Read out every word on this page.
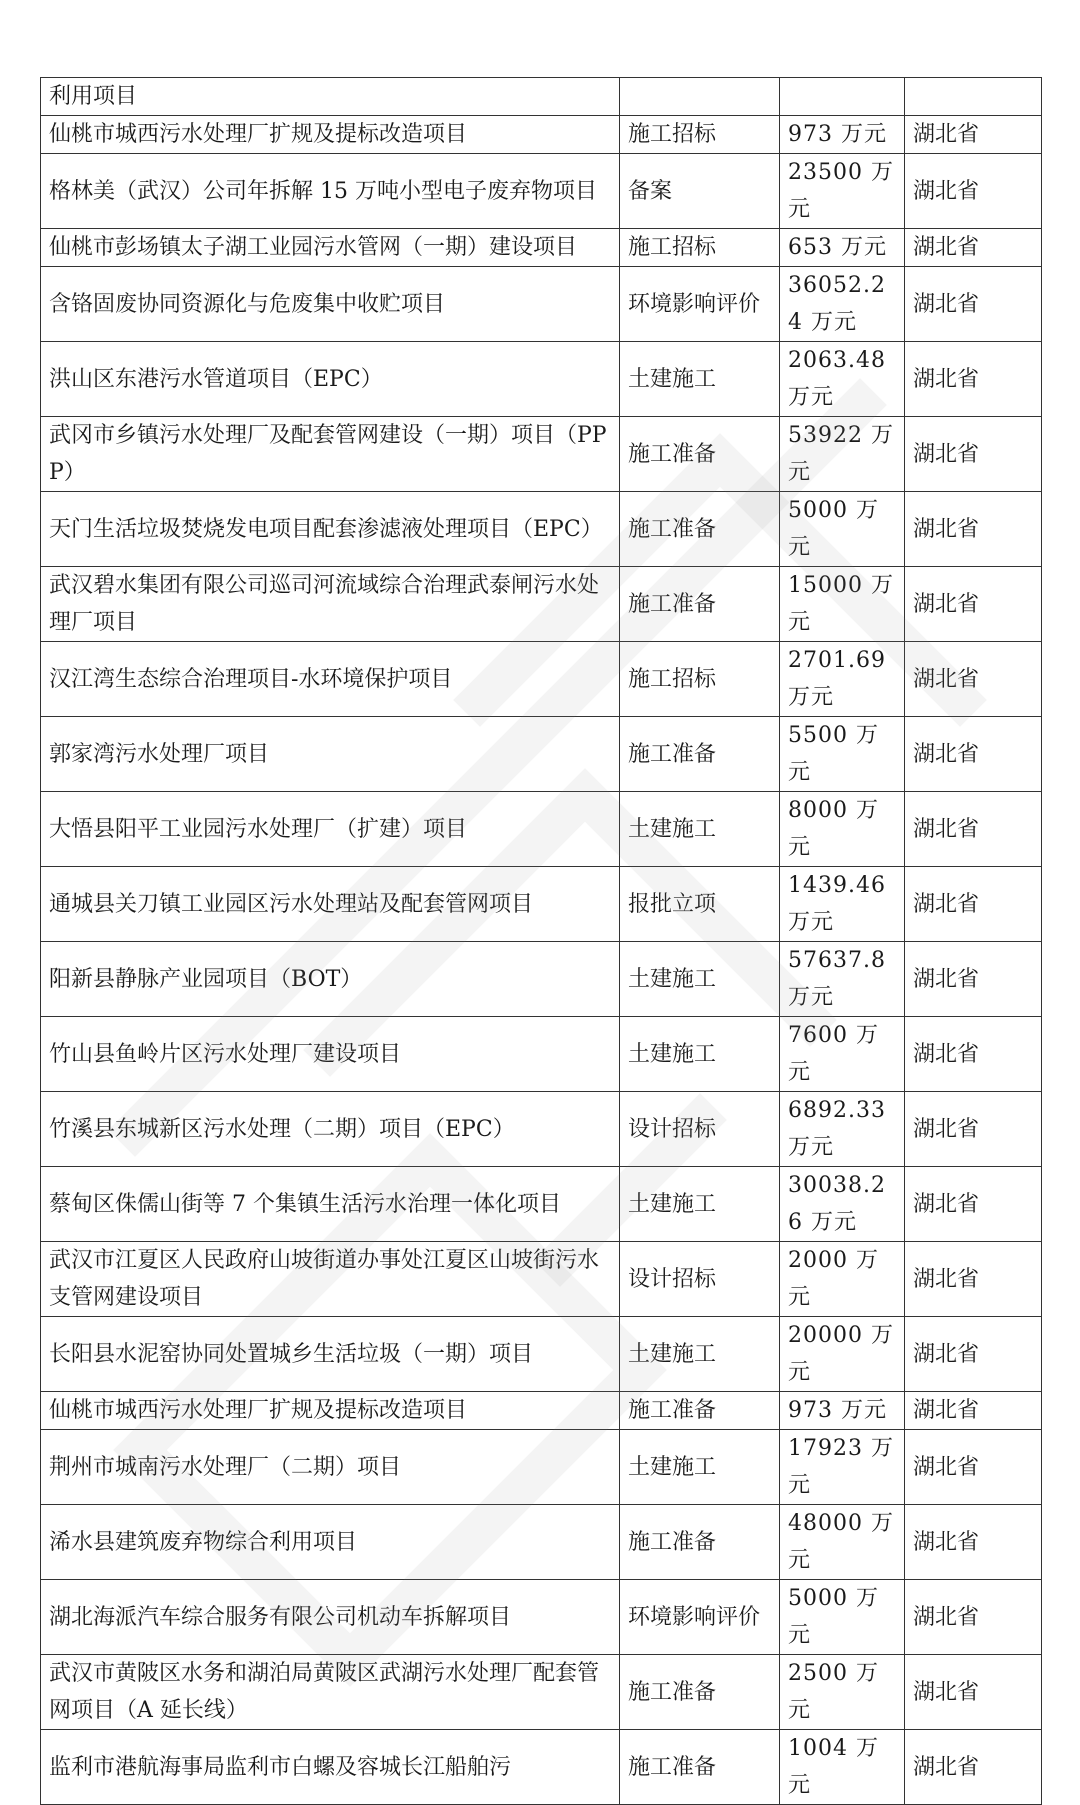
利用项目			
仙桃市城西污水处理厂扩规及提标改造项目	施工招标	973 万元	湖北省
格林美（武汉）公司年拆解 15 万吨小型电子废弃物项目	备案	23500 万元	湖北省
仙桃市彭场镇太子湖工业园污水管网（一期）建设项目	施工招标	653 万元	湖北省
含铬固废协同资源化与危废集中收贮项目	环境影响评价	36052.24 万元	湖北省
洪山区东港污水管道项目（EPC）	土建施工	2063.48 万元	湖北省
武冈市乡镇污水处理厂及配套管网建设（一期）项目（PPP）	施工准备	53922 万元	湖北省
天门生活垃圾焚烧发电项目配套渗滤液处理项目（EPC）	施工准备	5000 万元	湖北省
武汉碧水集团有限公司巡司河流域综合治理武泰闸污水处理厂项目	施工准备	15000 万元	湖北省
汉江湾生态综合治理项目-水环境保护项目	施工招标	2701.69 万元	湖北省
郭家湾污水处理厂项目	施工准备	5500 万元	湖北省
大悟县阳平工业园污水处理厂（扩建）项目	土建施工	8000 万元	湖北省
通城县关刀镇工业园区污水处理站及配套管网项目	报批立项	1439.46 万元	湖北省
阳新县静脉产业园项目（BOT）	土建施工	57637.8 万元	湖北省
竹山县鱼岭片区污水处理厂建设项目	土建施工	7600 万元	湖北省
竹溪县东城新区污水处理（二期）项目（EPC）	设计招标	6892.33 万元	湖北省
蔡甸区侏儒山街等 7 个集镇生活污水治理一体化项目	土建施工	30038.26 万元	湖北省
武汉市江夏区人民政府山坡街道办事处江夏区山坡街污水支管网建设项目	设计招标	2000 万元	湖北省
长阳县水泥窑协同处置城乡生活垃圾（一期）项目	土建施工	20000 万元	湖北省
仙桃市城西污水处理厂扩规及提标改造项目	施工准备	973 万元	湖北省
荆州市城南污水处理厂（二期）项目	土建施工	17923 万元	湖北省
浠水县建筑废弃物综合利用项目	施工准备	48000 万元	湖北省
湖北海派汽车综合服务有限公司机动车拆解项目	环境影响评价	5000 万元	湖北省
武汉市黄陂区水务和湖泊局黄陂区武湖污水处理厂配套管网项目（A 延长线）	施工准备	2500 万元	湖北省
监利市港航海事局监利市白螺及容城长江船舶污	施工准备	1004 万元	湖北省
